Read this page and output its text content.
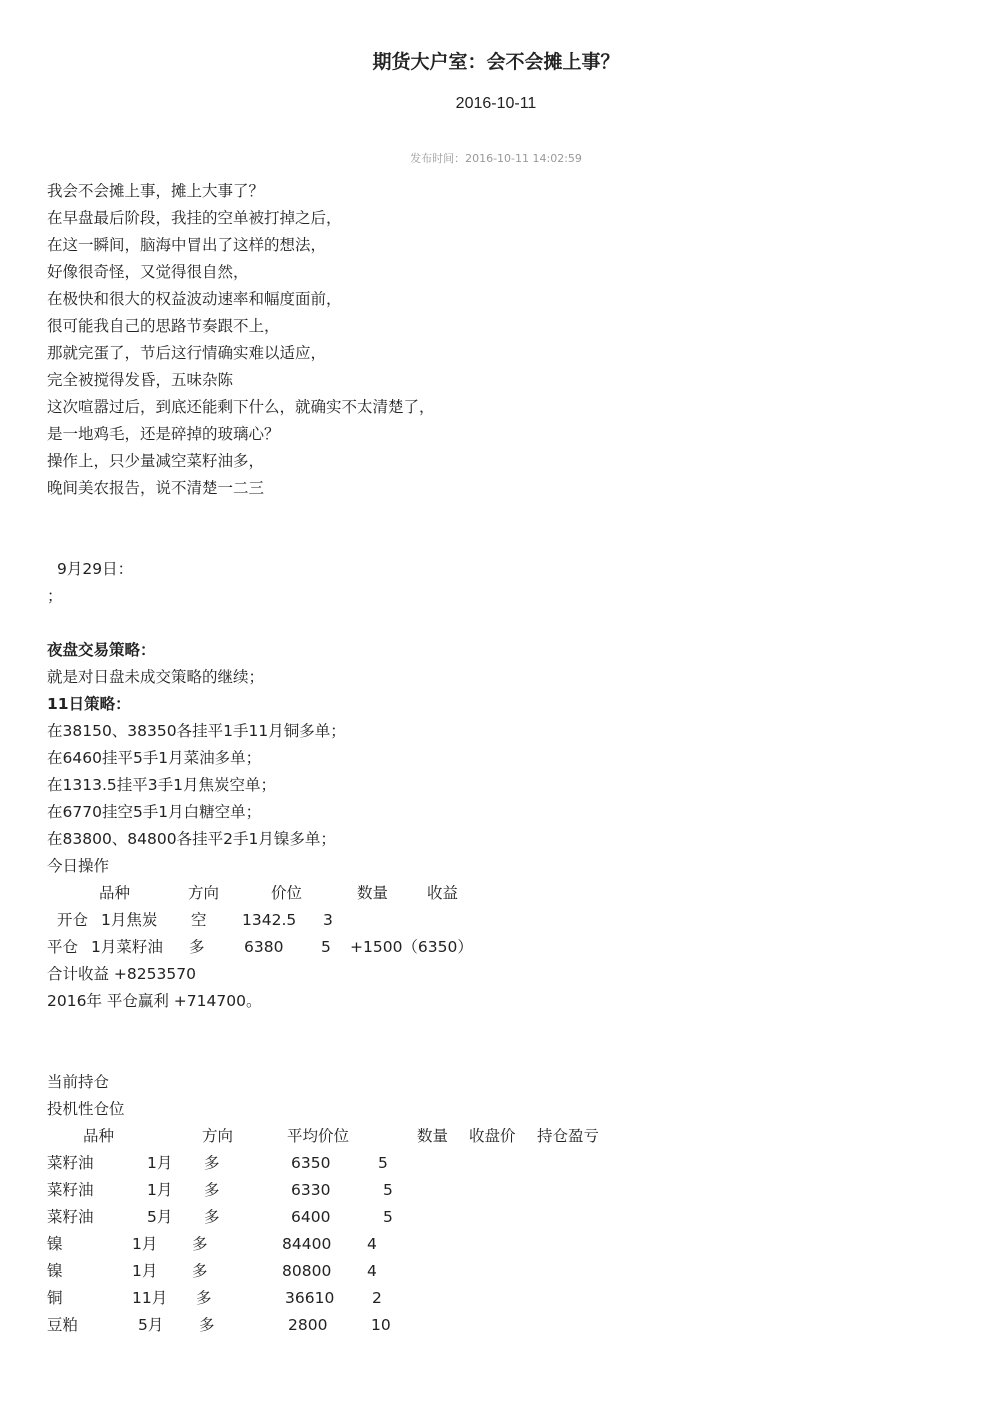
期货大户室：会不会摊上事？
2016-10-11
发布时间：2016-10-11 14:02:59
我会不会摊上事，摊上大事了？
在早盘最后阶段，我挂的空单被打掉之后，
在这一瞬间，脑海中冒出了这样的想法，
好像很奇怪，又觉得很自然，
在极快和很大的权益波动速率和幅度面前，
很可能我自己的思路节奏跟不上，
那就完蛋了，节后这行情确实难以适应，
完全被搅得发昏，五味杂陈
这次喧嚣过后，到底还能剩下什么，就确实不太清楚了，
是一地鸡毛，还是碎掉的玻璃心？
操作上，只少量减空菜籽油多，
晚间美农报告，说不清楚一二三
9月29日：
；
夜盘交易策略：
就是对日盘未成交策略的继续；
11日策略：
在38150、38350各挂平1手11月铜多单；
在6460挂平5手1月菜油多单；
在1313.5挂平3手1月焦炭空单；
在6770挂空5手1月白糖空单；
在83800、84800各挂平2手1月镍多单；
今日操作
品种	方向	价位	数量	收益
开仓 1月焦炭 空 1342.5 3
平仓 1月菜籽油 多	6380 5 +1500（6350）
合计收益 +8253570
2016年 平仓赢利 +714700。
当前持仓
投机性仓位
品种	方向	平均价位	数量 收盘价 持仓盈亏
菜籽油	1月 多	6350	5
菜籽油	1月 多	6330	5
菜籽油	5月 多	6400	5
镍	1月 多	84400 4
镍	1月 多	80800 4
铜	11月 多	36610 2
豆粕	5月 多	2800	10
